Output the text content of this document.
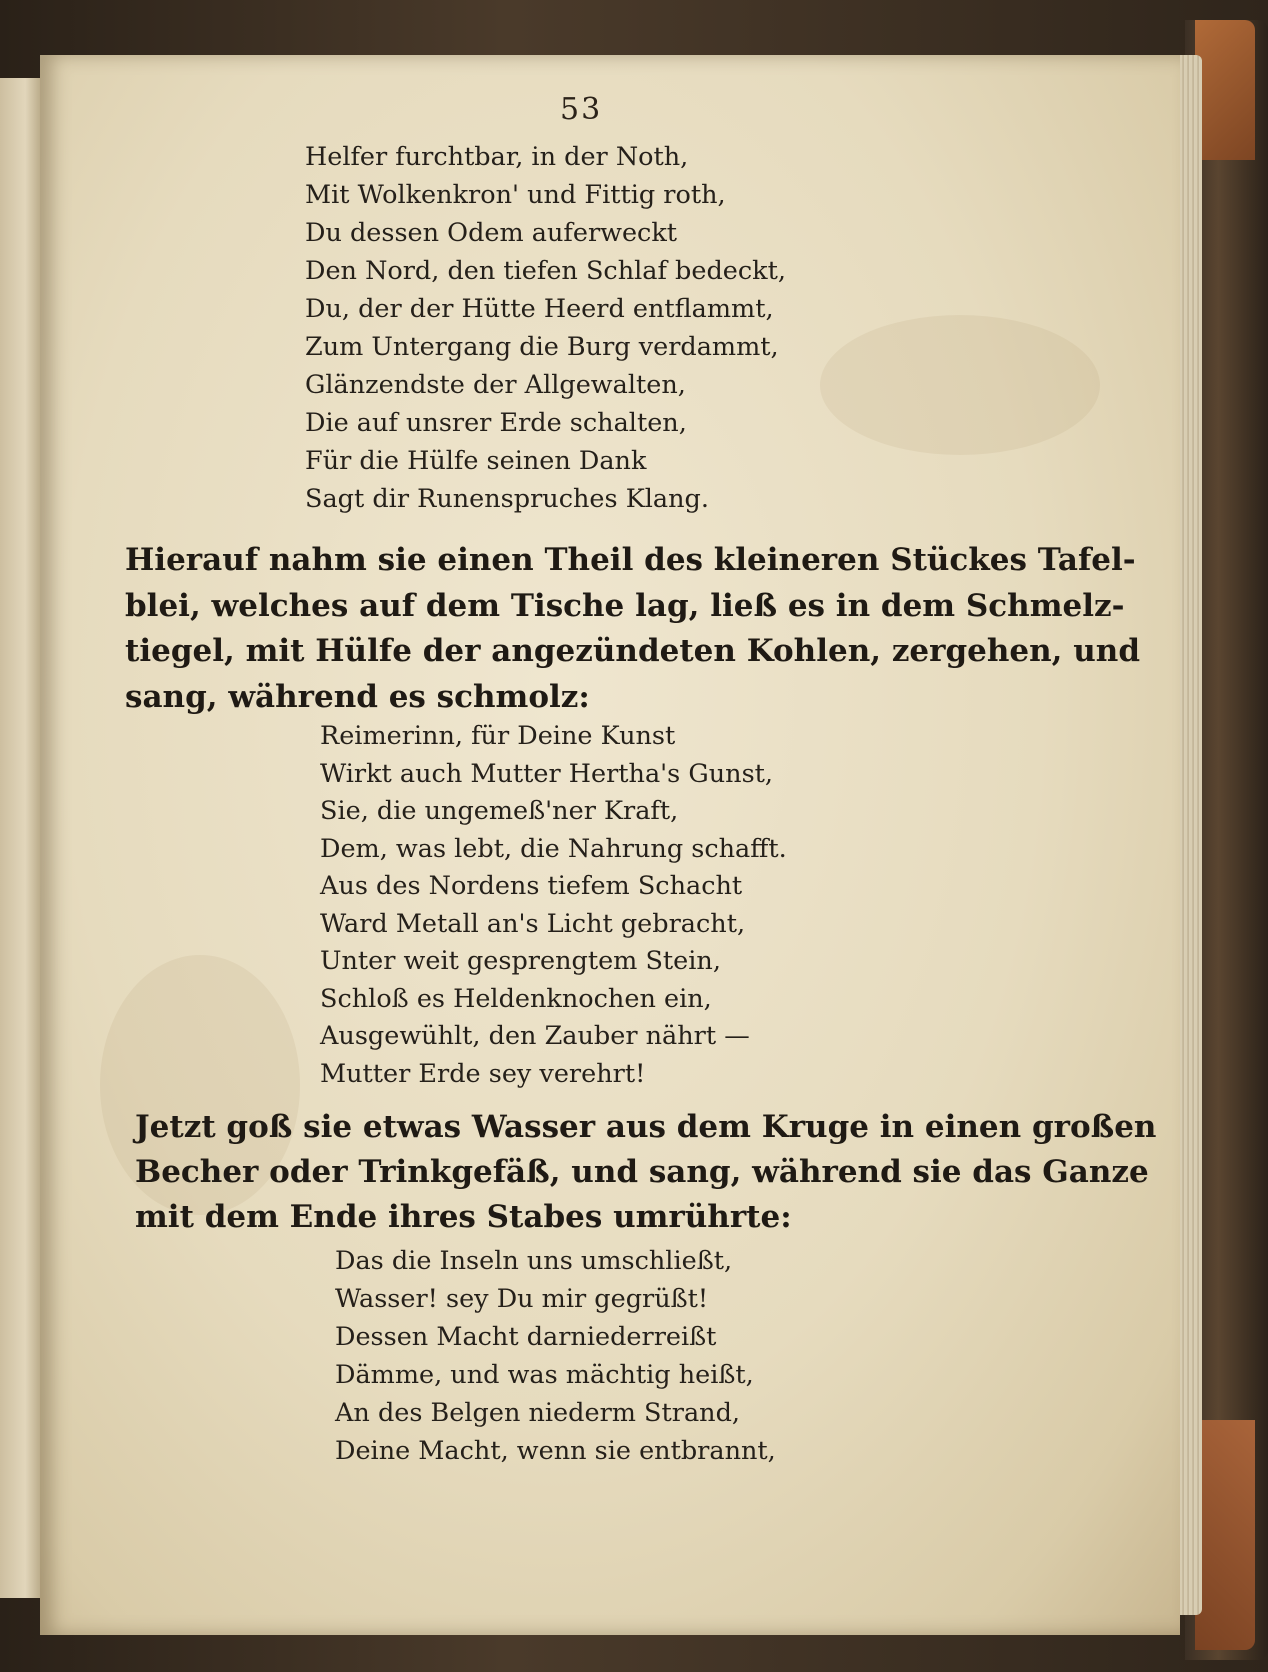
53
Helfer furchtbar, in der Noth,
Mit Wolkenkron' und Fittig roth,
Du dessen Odem auferweckt
Den Nord, den tiefen Schlaf bedeckt,
Du, der der Hütte Heerd entflammt,
Zum Untergang die Burg verdammt,
Glänzendste der Allgewalten,
Die auf unsrer Erde schalten,
Für die Hülfe seinen Dank
Sagt dir Runenspruches Klang.
Hierauf nahm sie einen Theil des kleineren Stückes Tafel-
blei, welches auf dem Tische lag, ließ es in dem Schmelz-
tiegel, mit Hülfe der angezündeten Kohlen, zergehen, und
sang, während es schmolz:
Reimerinn, für Deine Kunst
Wirkt auch Mutter Hertha's Gunst,
Sie, die ungemeß'ner Kraft,
Dem, was lebt, die Nahrung schafft.
Aus des Nordens tiefem Schacht
Ward Metall an's Licht gebracht,
Unter weit gesprengtem Stein,
Schloß es Heldenknochen ein,
Ausgewühlt, den Zauber nährt —
Mutter Erde sey verehrt!
Jetzt goß sie etwas Wasser aus dem Kruge in einen großen
Becher oder Trinkgefäß, und sang, während sie das Ganze
mit dem Ende ihres Stabes umrührte:
Das die Inseln uns umschließt,
Wasser! sey Du mir gegrüßt!
Dessen Macht darniederreißt
Dämme, und was mächtig heißt,
An des Belgen niederm Strand,
Deine Macht, wenn sie entbrannt,
